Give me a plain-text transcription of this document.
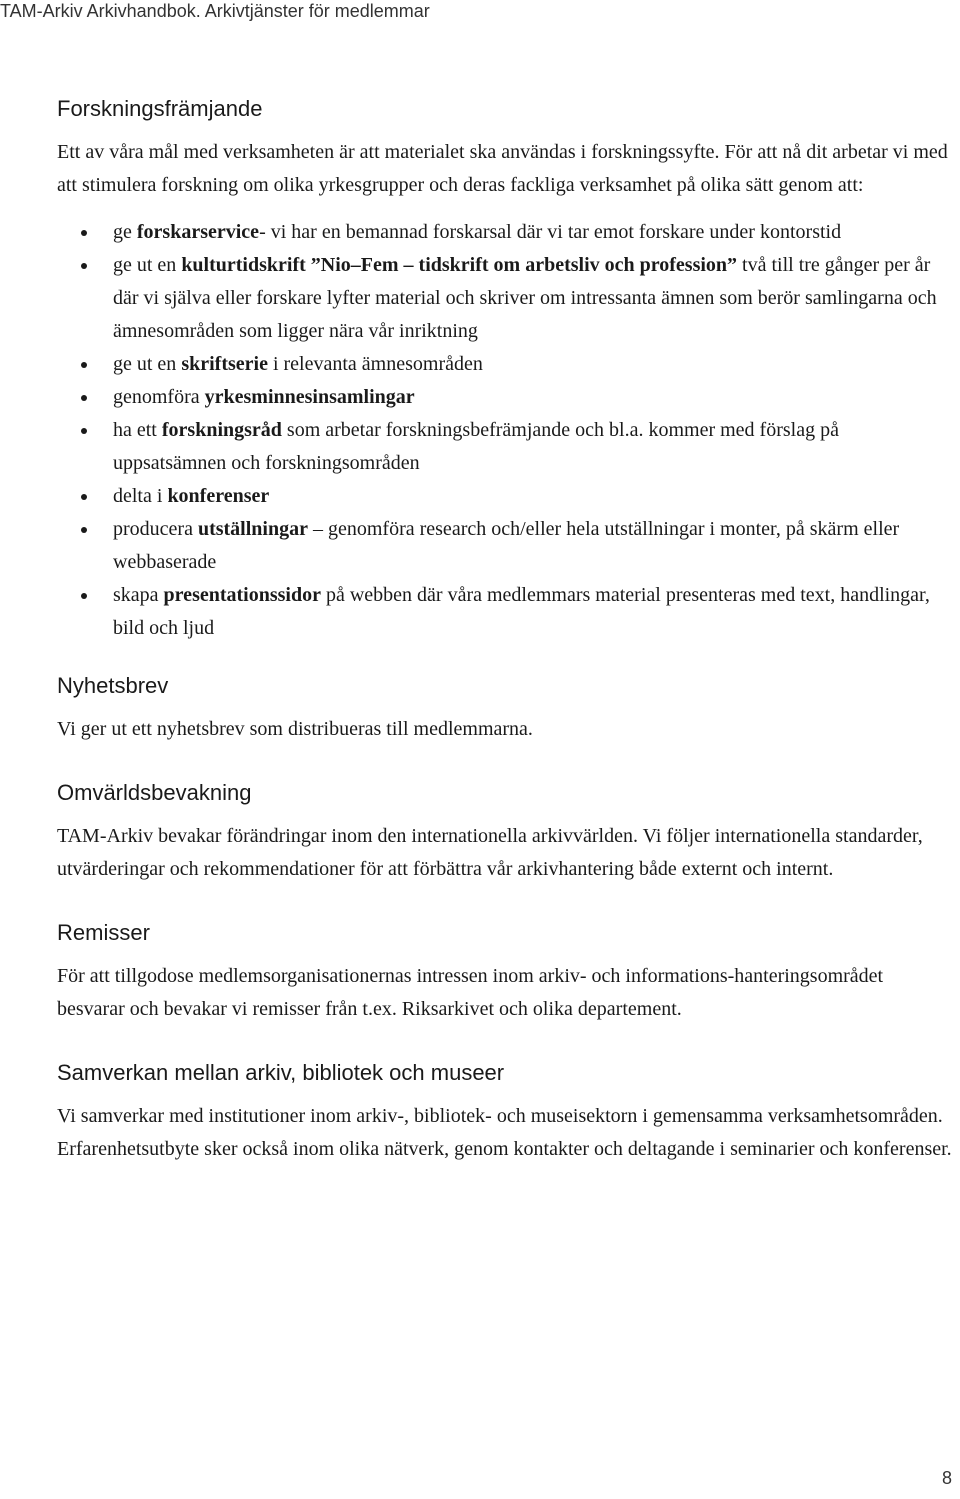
TAM-Arkiv Arkivhandbok. Arkivtjänster för medlemmar
Forskningsfrämjande

Ett av våra mål med verksamheten är att materialet ska användas i forskningssyfte. För att nå dit arbetar vi med att stimulera forskning om olika yrkesgrupper och deras fackliga verksamhet på olika sätt genom att:

ge forskarservice- vi har en bemannad forskarsal där vi tar emot forskare under kontorstid
ge ut en kulturtidskrift ”Nio–Fem – tidskrift om arbetsliv och profession” två till tre gånger per år där vi själva eller forskare lyfter material och skriver om intressanta ämnen som berör samlingarna och ämnesområden som ligger nära vår inriktning
ge ut en skriftserie i relevanta ämnesområden
genomföra yrkesminnesinsamlingar
ha ett forskningsråd som arbetar forskningsbefrämjande och bl.a. kommer med förslag på uppsatsämnen och forskningsområden
delta i konferenser
producera utställningar – genomföra research och/eller hela utställningar i monter, på skärm eller webbaserade
skapa presentationssidor på webben där våra medlemmars material presenteras med text, handlingar, bild och ljud
Nyhetsbrev

Vi ger ut ett nyhetsbrev som distribueras till medlemmarna.

Omvärldsbevakning

TAM-Arkiv bevakar förändringar inom den internationella arkivvärlden. Vi följer internationella standarder, utvärderingar och rekommendationer för att förbättra vår arkivhantering både externt och internt.

Remisser

För att tillgodose medlemsorganisationernas intressen inom arkiv- och informations-hanteringsområdet besvarar och bevakar vi remisser från t.ex. Riksarkivet och olika departement.

Samverkan mellan arkiv, bibliotek och museer

Vi samverkar med institutioner inom arkiv-, bibliotek- och museisektorn i gemensamma verksamhetsområden. Erfarenhetsutbyte sker också inom olika nätverk, genom kontakter och deltagande i seminarier och konferenser.

8
